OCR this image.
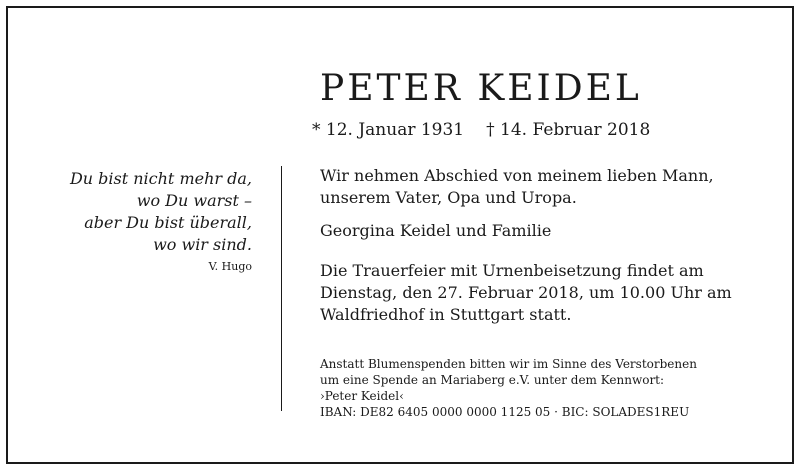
PETER KEIDEL
* 12. Januar 1931 † 14. Februar 2018
Du bist nicht mehr da,
wo Du warst –
aber Du bist überall,
wo wir sind.
V. Hugo
Wir nehmen Abschied von meinem lieben Mann,
unserem Vater, Opa und Uropa.
Georgina Keidel und Familie
Die Trauerfeier mit Urnenbeisetzung findet am
Dienstag, den 27. Februar 2018, um 10.00 Uhr am
Waldfriedhof in Stuttgart statt.
Anstatt Blumenspenden bitten wir im Sinne des Verstorbenen
um eine Spende an Mariaberg e.V. unter dem Kennwort:
›Peter Keidel‹
IBAN: DE82 6405 0000 0000 1125 05 · BIC: SOLADES1REU
